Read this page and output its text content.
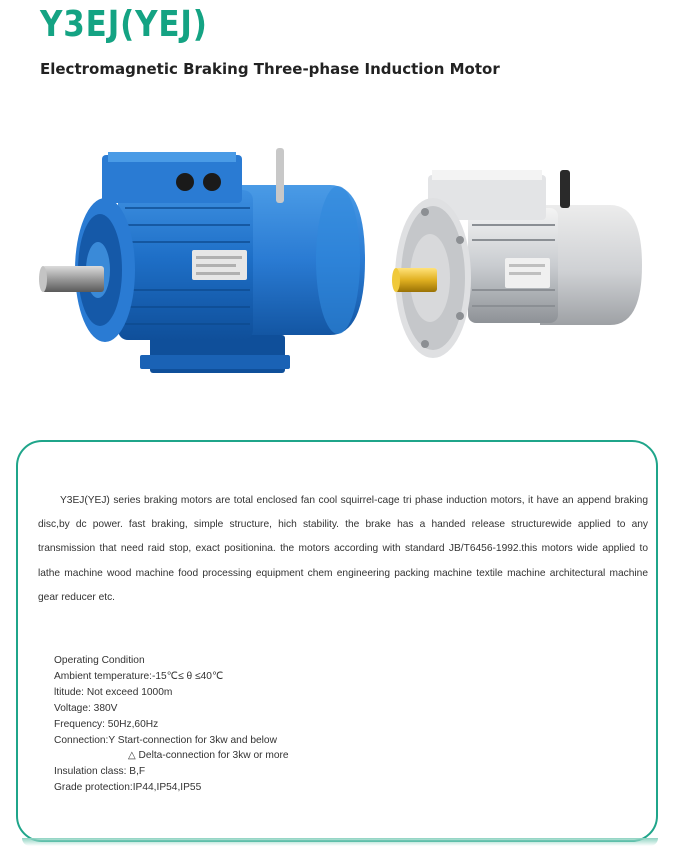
Y3EJ(YEJ)
Electromagnetic Braking Three-phase Induction Motor

Y3EJ(YEJ) series braking motors are total enclosed fan cool squirrel-cage tri phase induction motors, it have an append braking disc,by dc power. fast braking, simple structure, hich stability. the brake has a handed release structurewide applied to any transmission that need raid stop, exact positionina. the motors according with standard JB/T6456-1992.this motors wide applied to lathe machine wood machine food processing equipment chem engineering packing machine textile machine architectural machine gear reducer etc.

Operating Condition
Ambient temperature:-15℃≤ θ ≤40℃
ltitude: Not exceed 1000m
Voltage: 380V
Frequency: 50Hz,60Hz
Connection:Y Start-connection for 3kw and below
△ Delta-connection for 3kw or more
Insulation class: B,F
Grade protection:IP44,IP54,IP55
